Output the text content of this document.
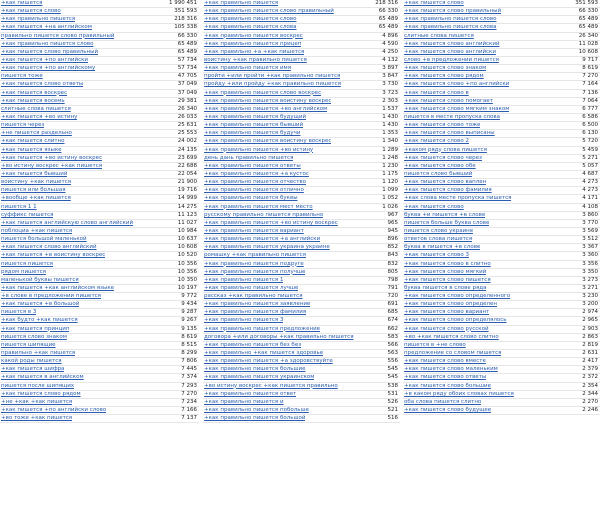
+как пишется	1 990 451
+как пишется слово	351 593
+как правильно пишется	218 316
+как пишется +на английском	105 338
правильно пишется слово правильный	66 330
+как правильно пишется слово	65 489
+как пишется слово правильный	65 489
+как пишется +по английски	57 734
+как пишется +по английскому	57 734
пишется тоже	47 705
+как пишется слово ответы	37 049
+как пишется воскрес	37 049
+как пишется восемь	29 381
слитные слова пишется	26 340
+как пишется +во истину	26 033
пишется через	25 631
+не пишется раздельно	25 553
+как пишется слитно	24 002
+как пишется языке	24 135
+как пишется +во истину воскрес	23 699
+во истину воскрес +как пишется	22 688
+как пишется бывший	22 054
воистину +как пишется	21 900
пишется или большая	19 716
+вообще +как пишется	14 999
пишется 1 1	14 275
суффикс пишется	11 123
+как пишется английскую слово английский	11 027
поблоциа +как пишется	10 984
пишется большой маленькой	10 637
+как пишется слово английский	10 608
+как пишется +в воистину воскрес	10 520
пишется пишется	10 356
рядом пишется	10 356
маленькой буквы пишется	10 350
+как пишется +как английском языке	10 197
+в слове в предложении пишется	9 772
+как пишется +в большой	9 434
пишется в 3	9 287
+как будто +как пишется	9 267
+как пишется принцип	9 135
пишется слово знаком	8 619
пишется шипящие	8 515
правильно +как пишется	8 299
какой роды пишется	7 806
+как пишется шифра	7 445
+как пишется в английском	7 374
пишется после шипящих	7 293
+как пишется слово рядом	7 270
+не +как +как пишется	7 234
+как пишется +по английски слово	7 166
+во тоже +как пишется	7 137
+как правильно пишется	218 316
+как правильно пишется слово правильный	66 330
+как правильно пишется слово	65 489
+как правильно пишется слова	65 489
+как правильно пишется воскрес	4 896
+как правильно пишется прицеп	4 590
+как правильно +а +как пишется	4 250
воистину +как правильно пишется	4 132
+как правильно пишется имя	3 897
пройти +или пройти +как правильно пишется	3 847
пройду +или пройду +как правильно пишется	3 730
+как правильно пишется слово воскрес	3 723
+как правильно пишется воистину воскрес	2 303
+как правильно пишется +во английском	1 537
+как правильно пишется будущий	1 430
+как правильно пишется бывший	1 430
+как правильно пишется будучи	1 353
+как правильно пишется воистину воскрес	1 340
+как правильно пишется +во истину	1 289
день дань правильно пишется	1 248
+как правильно пишется ответы	1 230
+как правильно пишется +а кустос	1 175
+как правильно пишется отчество	1 120
+как правильно пишется отлично	1 099
+как правильно пишется буквы	1 052
+как правильно пишется мест место	1 026
русскому правильно пишется правильно	967
+как правильно пишется +во истину воскрес	965
+как правильно пишется вариант	945
+как правильно пишется +а английски	896
+как правильно пишется украина украине	852
ромашку +как правильно пишется	843
+как правильно пишется подруге	832
+как правильно пишется получше	805
+как правильно пишется 1	798
+как правильно пишется лучше	791
рассказ +как правильно пишется	720
+как правильно пишется заявление	691
+как правильно пишется фамилия	685
+как правильно пишется 3	674
+как правильно пишется предложение	662
договора +или договоры +как правильно пишется	583
+как правильно пишется без без	566
+как правильно +как пишется здоровье	563
+как правильно пишется +а здоровствуйте	556
+как правильно пишется большие	545
+как правильно пишется украинском	545
+во истину воскрес +как пишется правильно	538
+как правильно пишется ответ	531
+как правильно пишется и	526
+как правильно пишется побольше	521
+как правильно пишется большой	516
+как пишется слово	351 593
+как пишется слово правильный	66 330
+как правильно пишется слово	65 489
+как правильно пишется слова	65 489
слитные слова пишется	26 340
+как пишется слово английский	11 028
+как пишется слово английски	10 608
слово +в предложении пишется	9 717
+как пишется слово знаком	8 619
+как пишется слово рядом	7 270
+как пишется слово +по английски	7 164
+как пишется слово в	7 136
+как пишется слово помогает	7 064
+как пишется слово мягким знаком	6 777
пишется в месте пропуска слова	6 586
+как пишется слово тоже	6 500
+как пишется слово выписаны	6 130
+как пишется слово 2	5 720
+каком ряду слова пишется	5 459
+как пишется слово через	5 271
+как пишется слово обе	5 057
пишется слово бывший	4 687
+как пишется слово ваплен	4 273
+как пишется слово фамилия	4 273
+как слова месте пропуска пишется	4 171
+как пишется слово	4 108
буква +и пишется +в слове	3 860
пишется больше буква слове	3 770
пишется слово украине	3 569
ответов слова пишется	3 512
буква в пишется +в слове	3 367
+как пишется слово 3	3 360
+как пишется слово в слитно	3 356
+как пишется слово мягкий	3 350
+как пишется слово пишется	3 273
буква пишется в слове ряда	3 271
+как пишется слово определенного	3 230
+как пишется слово определен	3 200
+как пишется слово вариант	2 974
+как пишется слово определялось	2 965
+как пишется слово русской	2 903
+во +как пишется слово слитно	2 863
пишется в +не слово	2 819
предложение со словом пишется	2 631
+как пишется слово вместе	2 417
+как пишется слово маленьким	2 379
+как пишется слово ответы	2 372
+как пишется слово большие	2 354
+в каком ряду обоих словах пишется	2 344
оба слова пишется слитно	2 270
+как пишется слово будущее	2 246
